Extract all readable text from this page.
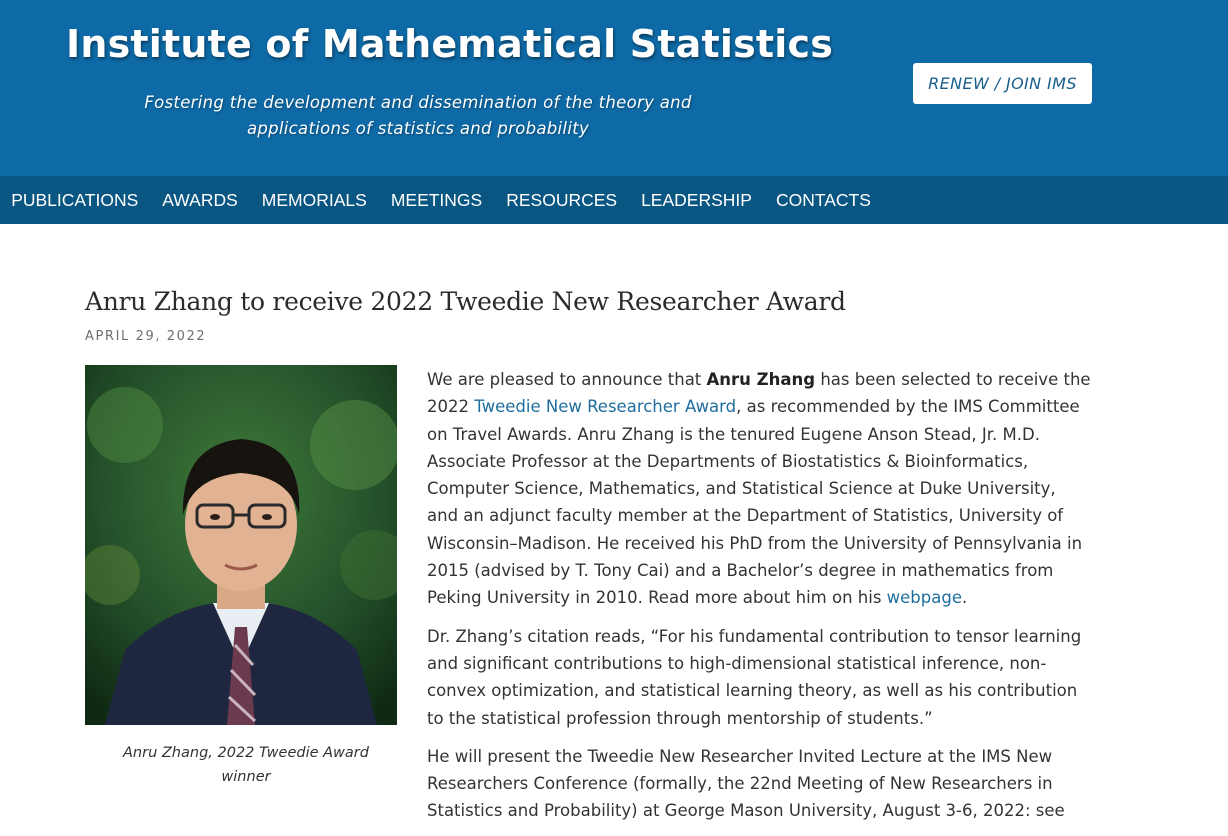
Institute of Mathematical Statistics
Fostering the development and dissemination of the theory and
applications of statistics and probability
RENEW / JOIN IMS
PUBLICATIONS AWARDS MEMORIALS MEETINGS RESOURCES LEADERSHIP CONTACTS
Anru Zhang to receive 2022 Tweedie New Researcher Award
APRIL 29, 2022
Anru Zhang, 2022 Tweedie Award winner

We are pleased to announce that Anru Zhang has been selected to receive the
2022 Tweedie New Researcher Award, as recommended by the IMS Committee
on Travel Awards. Anru Zhang is the tenured Eugene Anson Stead, Jr. M.D.
Associate Professor at the Departments of Biostatistics & Bioinformatics,
Computer Science, Mathematics, and Statistical Science at Duke University,
and an adjunct faculty member at the Department of Statistics, University of
Wisconsin–Madison. He received his PhD from the University of Pennsylvania in
2015 (advised by T. Tony Cai) and a Bachelor’s degree in mathematics from
Peking University in 2010. Read more about him on his webpage.

Dr. Zhang’s citation reads, “For his fundamental contribution to tensor learning
and significant contributions to high-dimensional statistical inference, non-
convex optimization, and statistical learning theory, as well as his contribution
to the statistical profession through mentorship of students.”

He will present the Tweedie New Researcher Invited Lecture at the IMS New
Researchers Conference (formally, the 22nd Meeting of New Researchers in
Statistics and Probability) at George Mason University, August 3-6, 2022: see
